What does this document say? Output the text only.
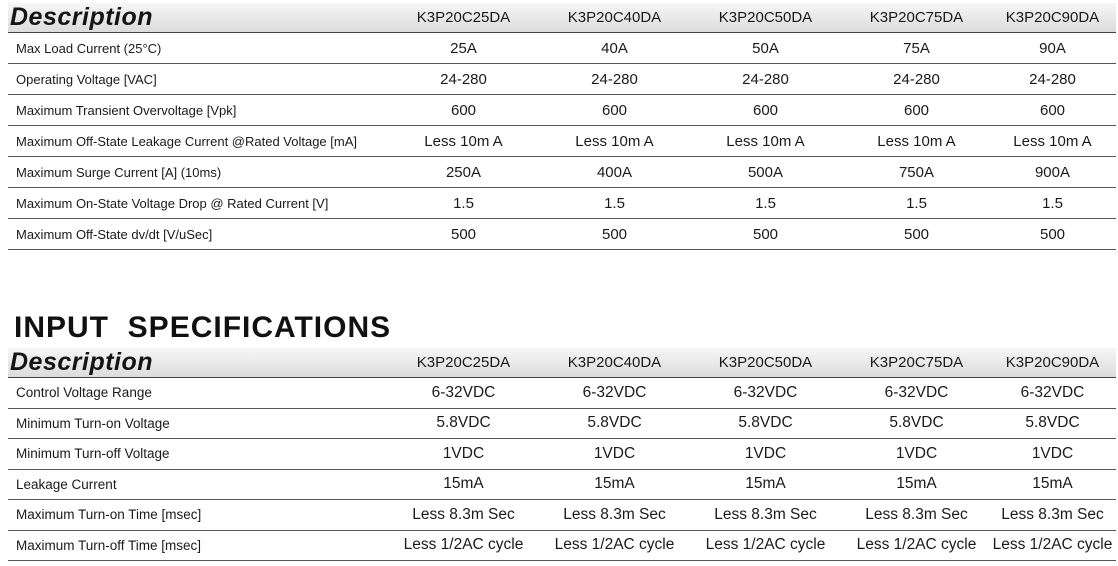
Description	K3P20C25DA	K3P20C40DA	K3P20C50DA	K3P20C75DA	K3P20C90DA
Max Load Current (25°C)	25A	40A	50A	75A	90A
Operating Voltage [VAC]	24-280	24-280	24-280	24-280	24-280
Maximum Transient Overvoltage [Vpk]	600	600	600	600	600
Maximum Off-State Leakage Current @Rated Voltage [mA]	Less 10m A	Less 10m A	Less 10m A	Less 10m A	Less 10m A
Maximum Surge Current [A] (10ms)	250A	400A	500A	750A	900A
Maximum On-State Voltage Drop @ Rated Current [V]	1.5	1.5	1.5	1.5	1.5
Maximum Off-State dv/dt [V/uSec]	500	500	500	500	500
INPUT  SPECIFICATIONS
Description	K3P20C25DA	K3P20C40DA	K3P20C50DA	K3P20C75DA	K3P20C90DA
Control Voltage Range	6-32VDC	6-32VDC	6-32VDC	6-32VDC	6-32VDC
Minimum Turn-on Voltage	5.8VDC	5.8VDC	5.8VDC	5.8VDC	5.8VDC
Minimum Turn-off Voltage	1VDC	1VDC	1VDC	1VDC	1VDC
Leakage Current	15mA	15mA	15mA	15mA	15mA
Maximum Turn-on Time [msec]	Less 8.3m Sec	Less 8.3m Sec	Less 8.3m Sec	Less 8.3m Sec	Less 8.3m Sec
Maximum Turn-off Time [msec]	Less 1/2AC cycle	Less 1/2AC cycle	Less 1/2AC cycle	Less 1/2AC cycle	Less 1/2AC cycle
